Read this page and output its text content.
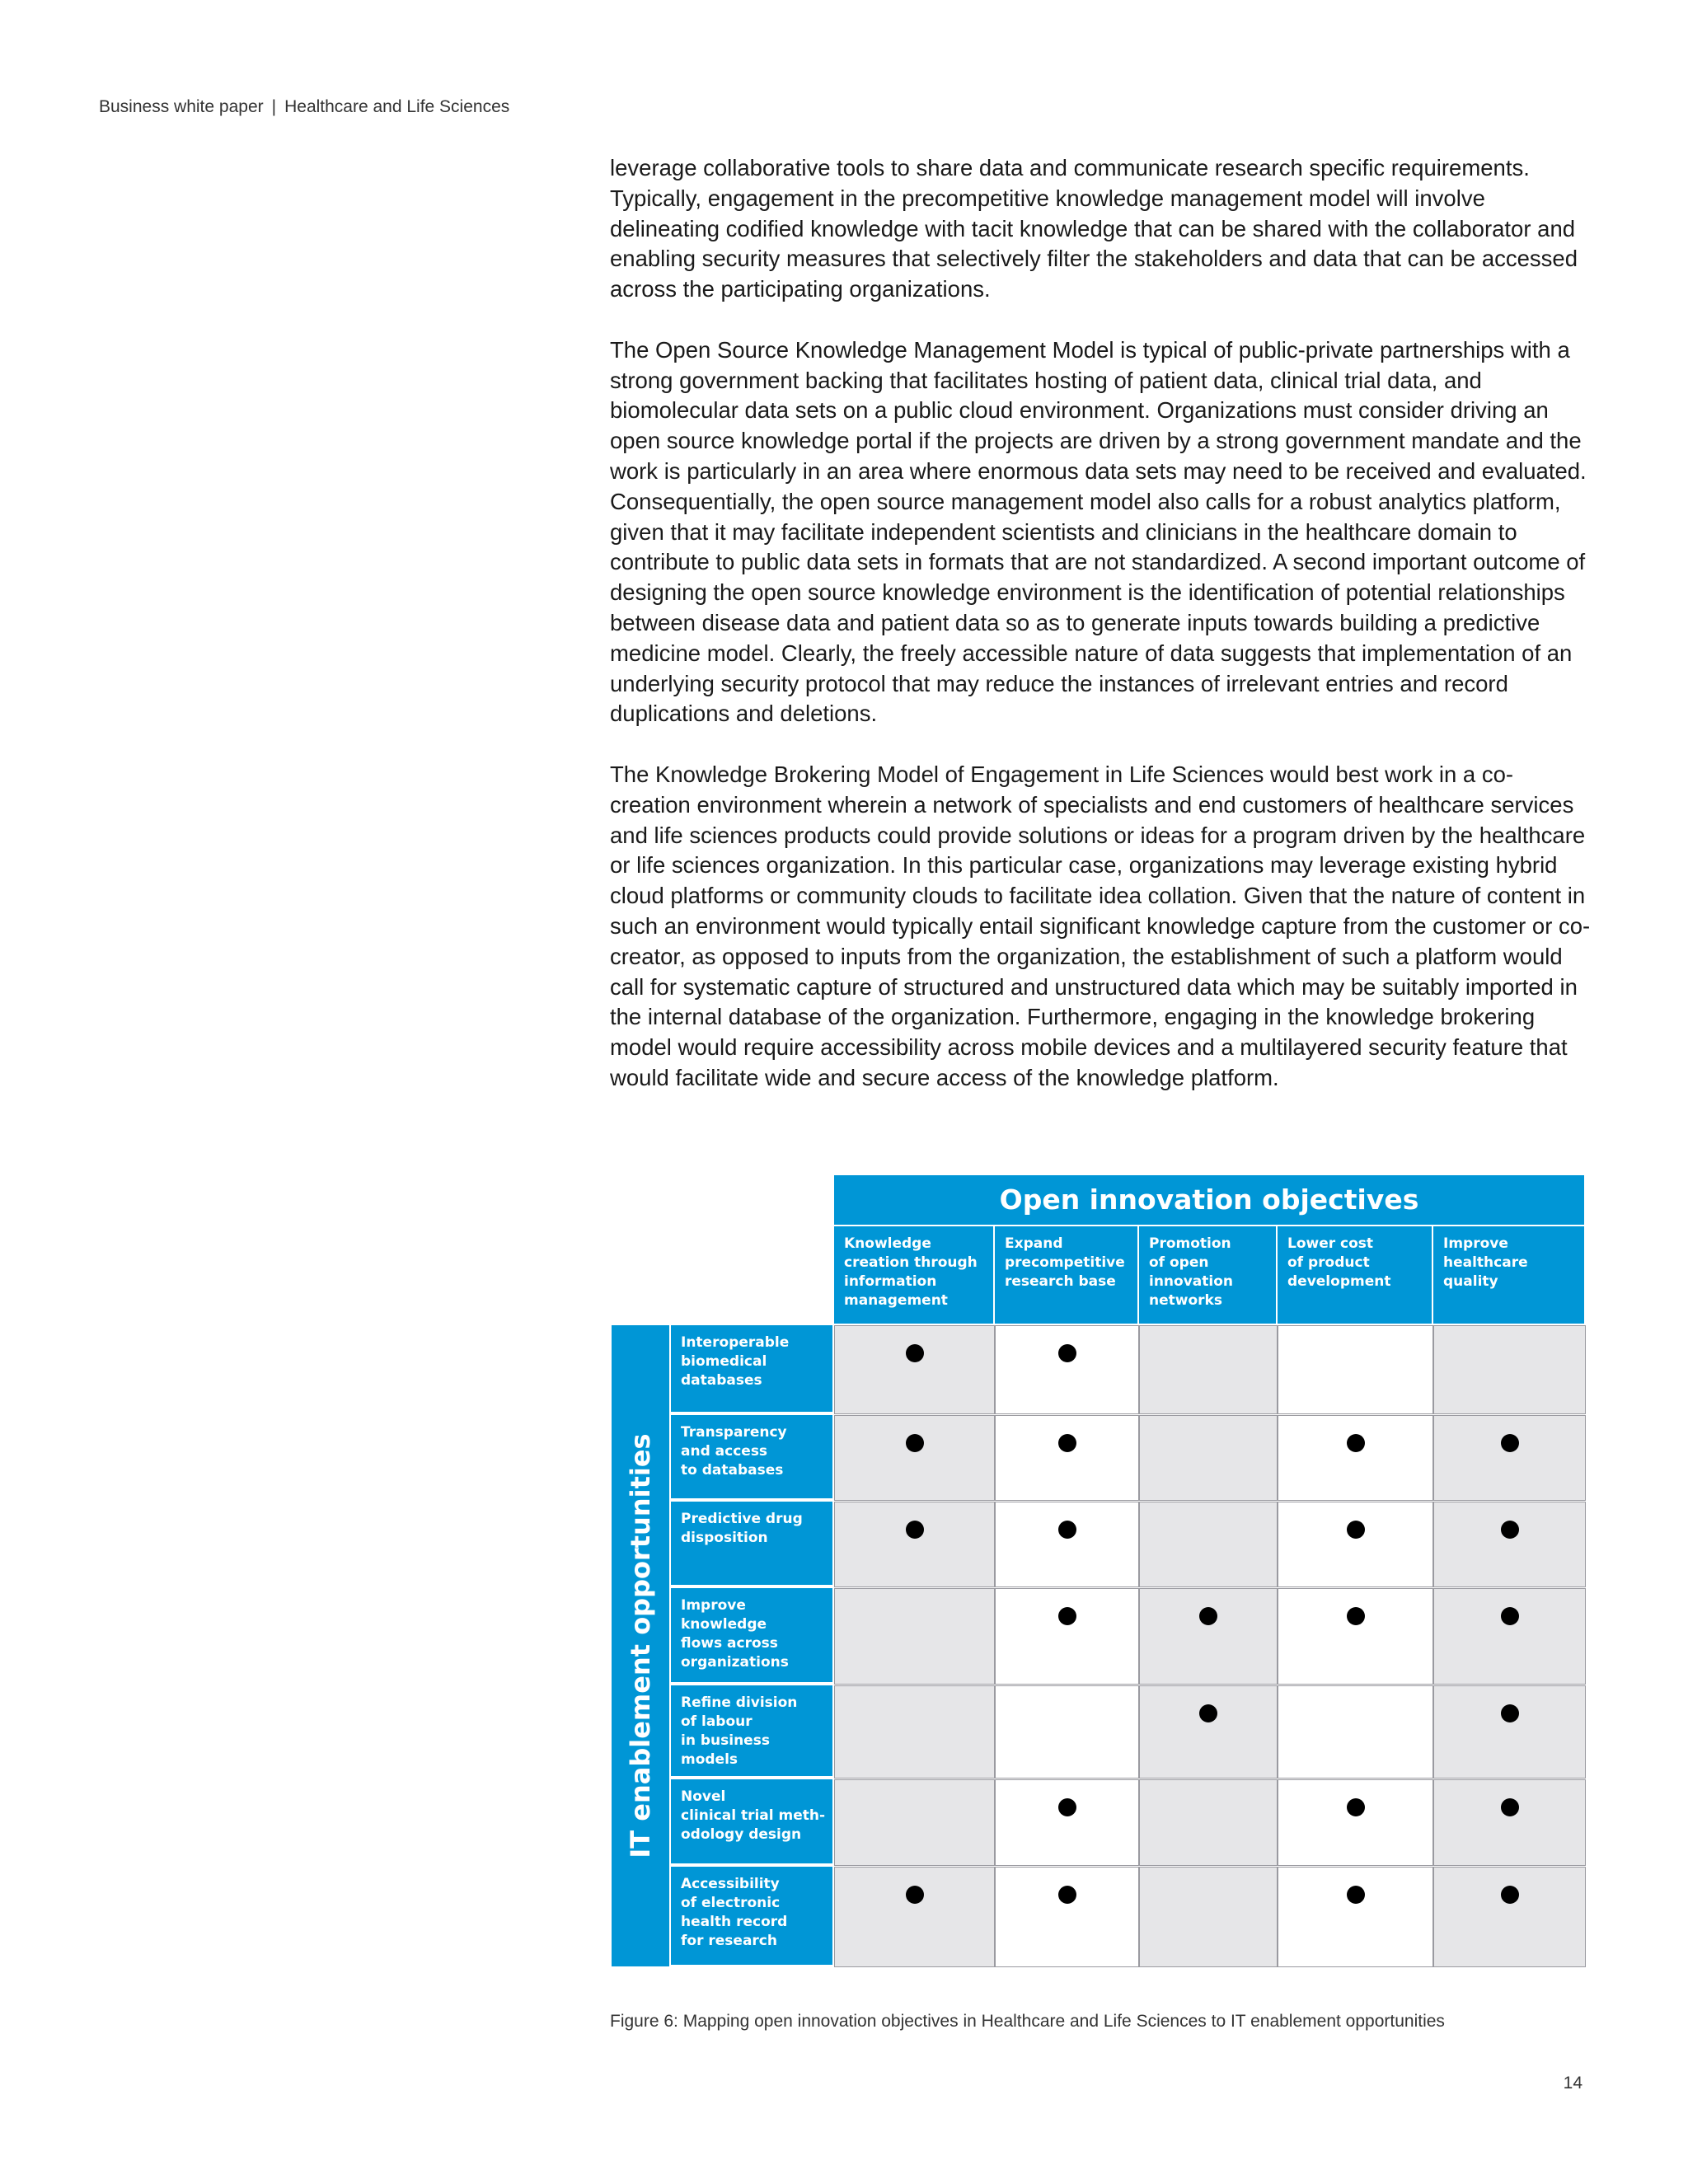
Business white paper | Healthcare and Life Sciences

leverage collaborative tools to share data and communicate research specific requirements. Typically, engagement in the precompetitive knowledge management model will involve delineating codified knowledge with tacit knowledge that can be shared with the collaborator and enabling security measures that selectively filter the stakeholders and data that can be accessed across the participating organizations.

The Open Source Knowledge Management Model is typical of public-private partnerships with a strong government backing that facilitates hosting of patient data, clinical trial data, and biomolecular data sets on a public cloud environment. Organizations must consider driving an open source knowledge portal if the projects are driven by a strong government mandate and the work is particularly in an area where enormous data sets may need to be received and evaluated. Consequentially, the open source management model also calls for a robust analytics platform, given that it may facilitate independent scientists and clinicians in the healthcare domain to contribute to public data sets in formats that are not standardized. A second important outcome of designing the open source knowledge environment is the identification of potential relationships between disease data and patient data so as to generate inputs towards building a predictive medicine model. Clearly, the freely accessible nature of data suggests that implementation of an underlying security protocol that may reduce the instances of irrelevant entries and record duplications and deletions.

The Knowledge Brokering Model of Engagement in Life Sciences would best work in a co-creation environment wherein a network of specialists and end customers of healthcare services and life sciences products could provide solutions or ideas for a program driven by the healthcare or life sciences organization. In this particular case, organizations may leverage existing hybrid cloud platforms or community clouds to facilitate idea collation. Given that the nature of content in such an environment would typically entail significant knowledge capture from the customer or co-creator, as opposed to inputs from the organization, the establishment of such a platform would call for systematic capture of structured and unstructured data which may be suitably imported in the internal database of the organization. Furthermore, engaging in the knowledge brokering model would require accessibility across mobile devices and a multilayered security feature that would facilitate wide and secure access of the knowledge platform.

Open innovation objectives
IT enablement opportunities
Knowledge
creation through
information
management
Expand
precompetitive
research base
Promotion
of open
innovation
networks
Lower cost
of product
development
Improve
healthcare
quality
Interoperable
biomedical
databases
Transparency
and access
to databases
Predictive drug
disposition
Improve
knowledge
flows across
organizations
Refine division
of labour
in business
models
Novel
clinical trial meth-
odology design
Accessibility
of electronic
health record
for research
Figure 6: Mapping open innovation objectives in Healthcare and Life Sciences to IT enablement opportunities
14
